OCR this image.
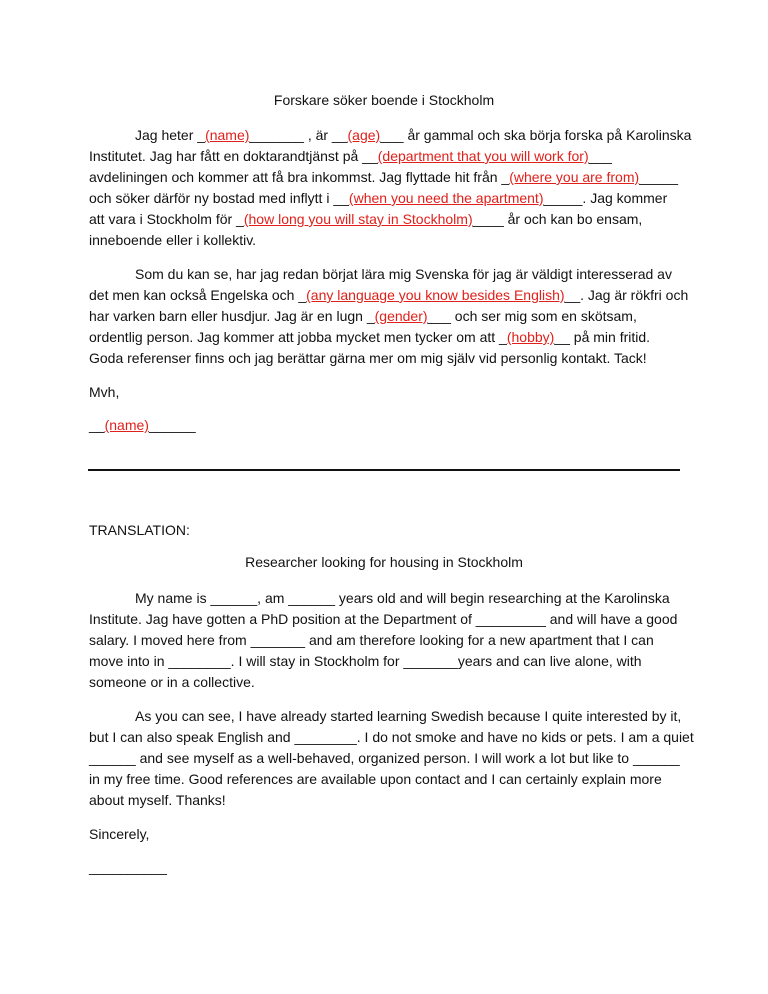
Forskare söker boende i Stockholm
Jag heter _(name)_______ , är __(age)___ år gammal och ska börja forska på Karolinska
Institutet. Jag har fått en doktarandtjänst på __(department that you will work for)___
avdeliningen och kommer att få bra inkommst. Jag flyttade hit från _(where you are from)_____
och söker därför ny bostad med inflytt i __(when you need the apartment)_____. Jag kommer
att vara i Stockholm för _(how long you will stay in Stockholm)____ år och kan bo ensam,
inneboende eller i kollektiv.
Som du kan se, har jag redan börjat lära mig Svenska för jag är väldigt interesserad av
det men kan också Engelska och _(any language you know besides English)__. Jag är rökfri och
har varken barn eller husdjur. Jag är en lugn _(gender)___ och ser mig som en skötsam,
ordentlig person. Jag kommer att jobba mycket men tycker om att _(hobby)__ på min fritid.
Goda referenser finns och jag berättar gärna mer om mig själv vid personlig kontakt. Tack!
Mvh,
__(name)______
TRANSLATION:
Researcher looking for housing in Stockholm
My name is ______, am ______ years old and will begin researching at the Karolinska
Institute. Jag have gotten a PhD position at the Department of _________ and will have a good
salary. I moved here from _______ and am therefore looking for a new apartment that I can
move into in ________. I will stay in Stockholm for _______years and can live alone, with
someone or in a collective.
As you can see, I have already started learning Swedish because I quite interested by it,
but I can also speak English and ________. I do not smoke and have no kids or pets. I am a quiet
______ and see myself as a well-behaved, organized person. I will work a lot but like to ______
in my free time. Good references are available upon contact and I can certainly explain more
about myself. Thanks!
Sincerely,
__________
